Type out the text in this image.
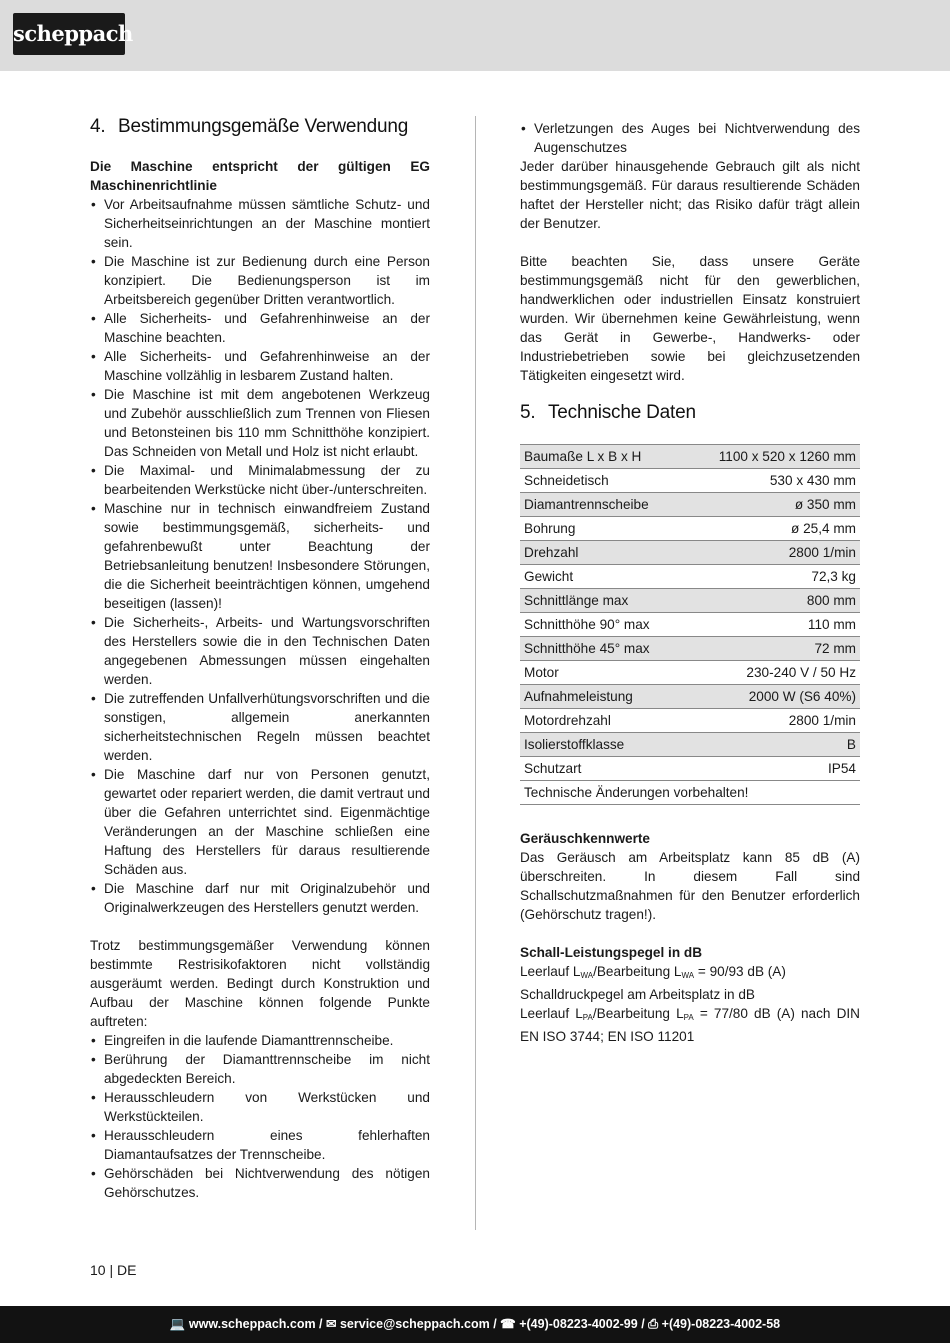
scheppach
4. Bestimmungsgemäße Verwendung

Die Maschine entspricht der gültigen EG Maschinenrichtlinie

• Vor Arbeitsaufnahme müssen sämtliche Schutz- und Sicherheitseinrichtungen an der Maschine montiert sein.
• Die Maschine ist zur Bedienung durch eine Person konzipiert. Die Bedienungsperson ist im Arbeitsbereich gegenüber Dritten verantwortlich.
• Alle Sicherheits- und Gefahrenhinweise an der Maschine beachten.
• Alle Sicherheits- und Gefahrenhinweise an der Maschine vollzählig in lesbarem Zustand halten.
• Die Maschine ist mit dem angebotenen Werkzeug und Zubehör ausschließlich zum Trennen von Fliesen und Betonsteinen bis 110 mm Schnitthöhe konzipiert. Das Schneiden von Metall und Holz ist nicht erlaubt.
• Die Maximal- und Minimalabmessung der zu bearbeitenden Werkstücke nicht über-/unterschreiten.
• Maschine nur in technisch einwandfreiem Zustand sowie bestimmungsgemäß, sicherheits- und gefahrenbewußt unter Beachtung der Betriebsanleitung benutzen! Insbesondere Störungen, die die Sicherheit beeinträchtigen können, umgehend beseitigen (lassen)!
• Die Sicherheits-, Arbeits- und Wartungsvorschriften des Herstellers sowie die in den Technischen Daten angegebenen Abmessungen müssen eingehalten werden.
• Die zutreffenden Unfallverhütungsvorschriften und die sonstigen, allgemein anerkannten sicherheitstechnischen Regeln müssen beachtet werden.
• Die Maschine darf nur von Personen genutzt, gewartet oder repariert werden, die damit vertraut und über die Gefahren unterrichtet sind. Eigenmächtige Veränderungen an der Maschine schließen eine Haftung des Herstellers für daraus resultierende Schäden aus.
• Die Maschine darf nur mit Originalzubehör und Originalwerkzeugen des Herstellers genutzt werden.

Trotz bestimmungsgemäßer Verwendung können bestimmte Restrisikofaktoren nicht vollständig ausgeräumt werden. Bedingt durch Konstruktion und Aufbau der Maschine können folgende Punkte auftreten:

• Eingreifen in die laufende Diamanttrennscheibe.
• Berührung der Diamanttrennscheibe im nicht abgedeckten Bereich.
• Herausschleudern von Werkstücken und Werkstückteilen.
• Herausschleudern eines fehlerhaften Diamantaufsatzes der Trennscheibe.
• Gehörschäden bei Nichtverwendung des nötigen Gehörschutzes.
• Verletzungen des Auges bei Nichtverwendung des Augenschutzes

Jeder darüber hinausgehende Gebrauch gilt als nicht bestimmungsgemäß. Für daraus resultierende Schäden haftet der Hersteller nicht; das Risiko dafür trägt allein der Benutzer.

Bitte beachten Sie, dass unsere Geräte bestimmungsgemäß nicht für den gewerblichen, handwerklichen oder industriellen Einsatz konstruiert wurden. Wir übernehmen keine Gewährleistung, wenn das Gerät in Gewerbe-, Handwerks- oder Industriebetrieben sowie bei gleichzusetzenden Tätigkeiten eingesetzt wird.

5. Technische Daten
Baumaße L x B x H	1100 x 520 x 1260 mm
Schneidetisch	530 x 430 mm
Diamantrennscheibe	ø 350 mm
Bohrung	ø 25,4 mm
Drehzahl	2800 1/min
Gewicht	72,3 kg
Schnittlänge max	800 mm
Schnitthöhe 90° max	110 mm
Schnitthöhe 45° max	72 mm
Motor	230-240 V / 50 Hz
Aufnahmeleistung	2000 W (S6 40%)
Motordrehzahl	2800 1/min
Isolierstoffklasse	B
Schutzart	IP54
Technische Änderungen vorbehalten!	

Geräuschkennwerte

Das Geräusch am Arbeitsplatz kann 85 dB (A) überschreiten. In diesem Fall sind Schallschutzmaßnahmen für den Benutzer erforderlich (Gehörschutz tragen!).

Schall-Leistungspegel in dB

Leerlauf $L_{WA}$/Bearbeitung $L_{WA} = 90/93$ dB (A)

Schalldruckpegel am Arbeitsplatz in dB

Leerlauf $L_{PA}$/Bearbeitung $L_{PA} = 77/80$ dB (A) nach DIN EN ISO 3744; EN ISO 11201

10 | DE
💻 www.scheppach.com / ✉ service@scheppach.com / ☎ +(49)-08223-4002-99 / ⎙ +(49)-08223-4002-58
